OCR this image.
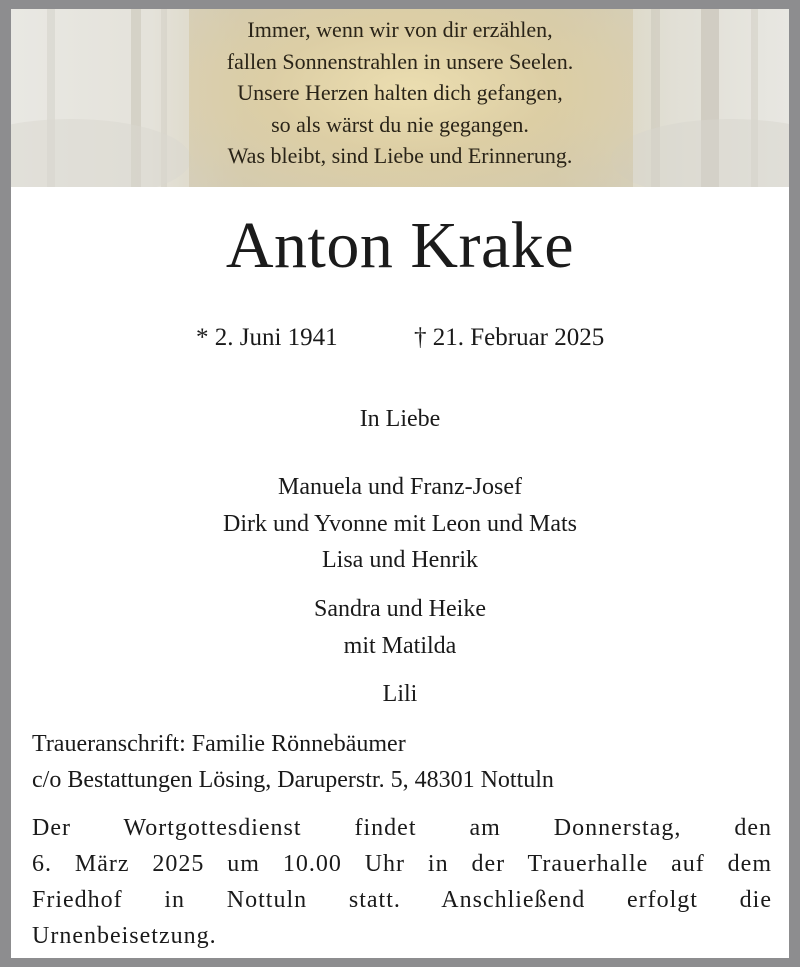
Immer, wenn wir von dir erzählen,
fallen Sonnenstrahlen in unsere Seelen.
Unsere Herzen halten dich gefangen,
so als wärst du nie gegangen.
Was bleibt, sind Liebe und Erinnerung.
Anton Krake
* 2. Juni 1941	† 21. Februar 2025
In Liebe
Manuela und Franz-Josef
Dirk und Yvonne mit Leon und Mats
Lisa und Henrik
Sandra und Heike
mit Matilda
Lili
Traueranschrift: Familie Rönnebäumer
c/o Bestattungen Lösing, Daruperstr. 5, 48301 Nottuln
Der Wortgottesdienst findet am Donnerstag, den
6. März 2025 um 10.00 Uhr in der Trauerhalle auf dem
Friedhof in Nottuln statt. Anschließend erfolgt die
Urnenbeisetzung.
